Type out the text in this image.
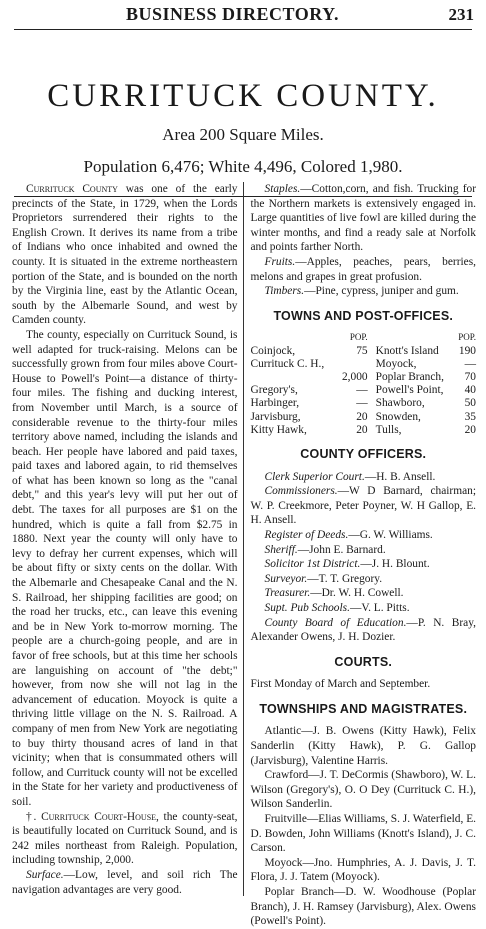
BUSINESS DIRECTORY.	231
CURRITUCK COUNTY.
Area 200 Square Miles.
Population 6,476; White 4,496, Colored 1,980.

Currituck County was one of the early precincts of the State, in 1729, when the Lords Proprietors surrendered their rights to the English Crown. It derives its name from a tribe of Indians who once inhabited and owned the county. It is situated in the extreme northeastern portion of the State, and is bounded on the north by the Virginia line, east by the Atlantic Ocean, south by the Albemarle Sound, and west by Camden county.

The county, especially on Currituck Sound, is well adapted for truck-raising. Melons can be successfully grown from four miles above Court-House to Powell's Point—a distance of thirty-four miles. The fishing and ducking interest, from November until March, is a source of considerable revenue to the thirty-four miles territory above named, including the islands and beach. Her people have labored and paid taxes, paid taxes and labored again, to rid themselves of what has been known so long as the "canal debt," and this year's levy will put her out of debt. The taxes for all purposes are $1 on the hundred, which is quite a fall from $2.75 in 1880. Next year the county will only have to levy to defray her current expenses, which will be about fifty or sixty cents on the dollar. With the Albemarle and Chesapeake Canal and the N. S. Railroad, her shipping facilities are good; on the road her trucks, etc., can leave this evening and be in New York to-morrow morning. The people are a church-going people, and are in favor of free schools, but at this time her schools are languishing on account of "the debt;" however, from now she will not lag in the advancement of education. Moyock is quite a thriving little village on the N. S. Railroad. A company of men from New York are negotiating to buy thirty thousand acres of land in that vicinity; when that is consummated others will follow, and Currituck county will not be excelled in the State for her variety and productiveness of soil.

†. Currituck Court-House, the county-seat, is beautifully located on Currituck Sound, and is 242 miles northeast from Raleigh. Population, including township, 2,000.

Surface.—Low, level, and soil rich The navigation advantages are very good.

Staples.—Cotton,corn, and fish. Trucking for the Northern markets is extensively engaged in. Large quantities of live fowl are killed during the winter months, and find a ready sale at Norfolk and points farther North.

Fruits.—Apples, peaches, pears, berries, melons and grapes in great profusion.

Timbers.—Pine, cypress, juniper and gum.

TOWNS AND POST-OFFICES.
	POP.		POP.
Coinjock,	75	Knott's Island	190
Currituck C. H.,		Moyock,	—
	2,000	Poplar Branch,	70
Gregory's,	—	Powell's Point,	40
Harbinger,	—	Shawboro,	50
Jarvisburg,	20	Snowden,	35
Kitty Hawk,	20	Tulls,	20
COUNTY OFFICERS.

Clerk Superior Court.—H. B. Ansell.

Commissioners.—W D Barnard, chairman; W. P. Creekmore, Peter Poyner, W. H Gallop, E. H. Ansell.

Register of Deeds.—G. W. Williams.

Sheriff.—John E. Barnard.

Solicitor 1st District.—J. H. Blount.

Surveyor.—T. T. Gregory.

Treasurer.—Dr. W. H. Cowell.

Supt. Pub Schools.—V. L. Pitts.

County Board of Education.—P. N. Bray, Alexander Owens, J. H. Dozier.

COURTS.

First Monday of March and September.

TOWNSHIPS AND MAGISTRATES.

Atlantic—J. B. Owens (Kitty Hawk), Felix Sanderlin (Kitty Hawk), P. G. Gallop (Jarvisburg), Valentine Harris.

Crawford—J. T. DeCormis (Shawboro), W. L. Wilson (Gregory's), O. O Dey (Currituck C. H.), Wilson Sanderlin.

Fruitville—Elias Williams, S. J. Waterfield, E. D. Bowden, John Williams (Knott's Island), J. C. Carson.

Moyock—Jno. Humphries, A. J. Davis, J. T. Flora, J. J. Tatem (Moyock).

Poplar Branch—D. W. Woodhouse (Poplar Branch), J. H. Ramsey (Jarvisburg), Alex. Owens (Powell's Point).
